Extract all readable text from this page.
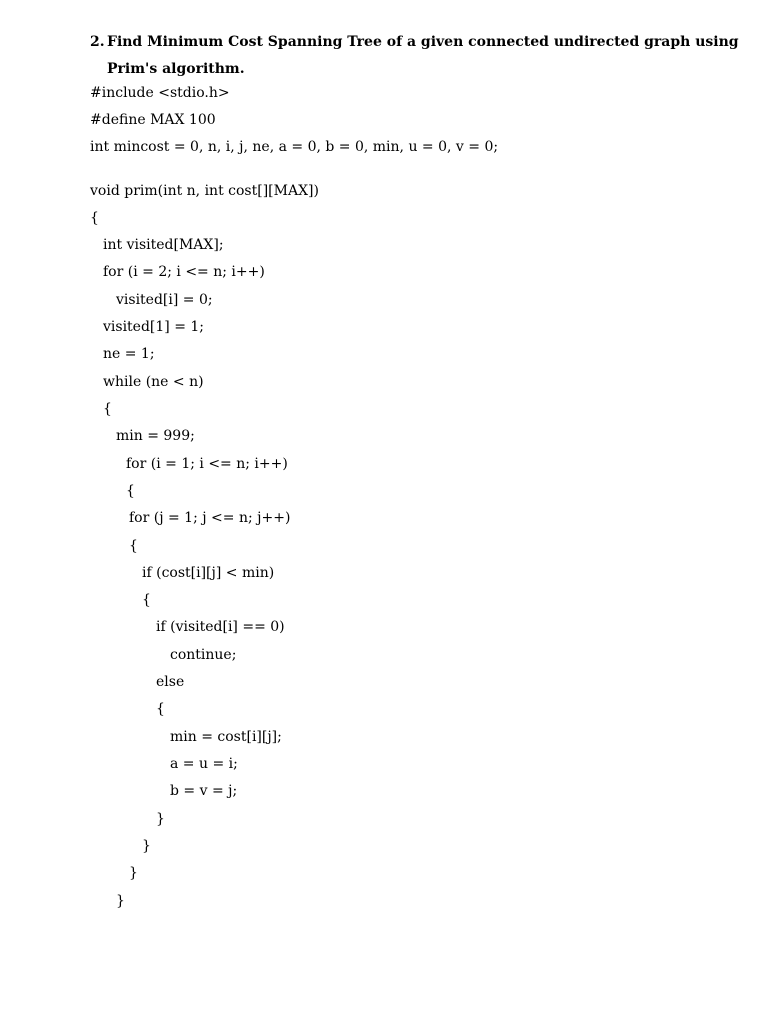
2. Find Minimum Cost Spanning Tree of a given connected undirected graph using
Prim's algorithm.
#include <stdio.h>
#define MAX 100
int mincost = 0, n, i, j, ne, a = 0, b = 0, min, u = 0, v = 0;
void prim(int n, int cost[][MAX])
{
int visited[MAX];
for (i = 2; i <= n; i++)
visited[i] = 0;
visited[1] = 1;
ne = 1;
while (ne < n)
{
min = 999;
for (i = 1; i <= n; i++)
{
for (j = 1; j <= n; j++)
{
if (cost[i][j] < min)
{
if (visited[i] == 0)
continue;
else
{
min = cost[i][j];
a = u = i;
b = v = j;
}
}
}
}
